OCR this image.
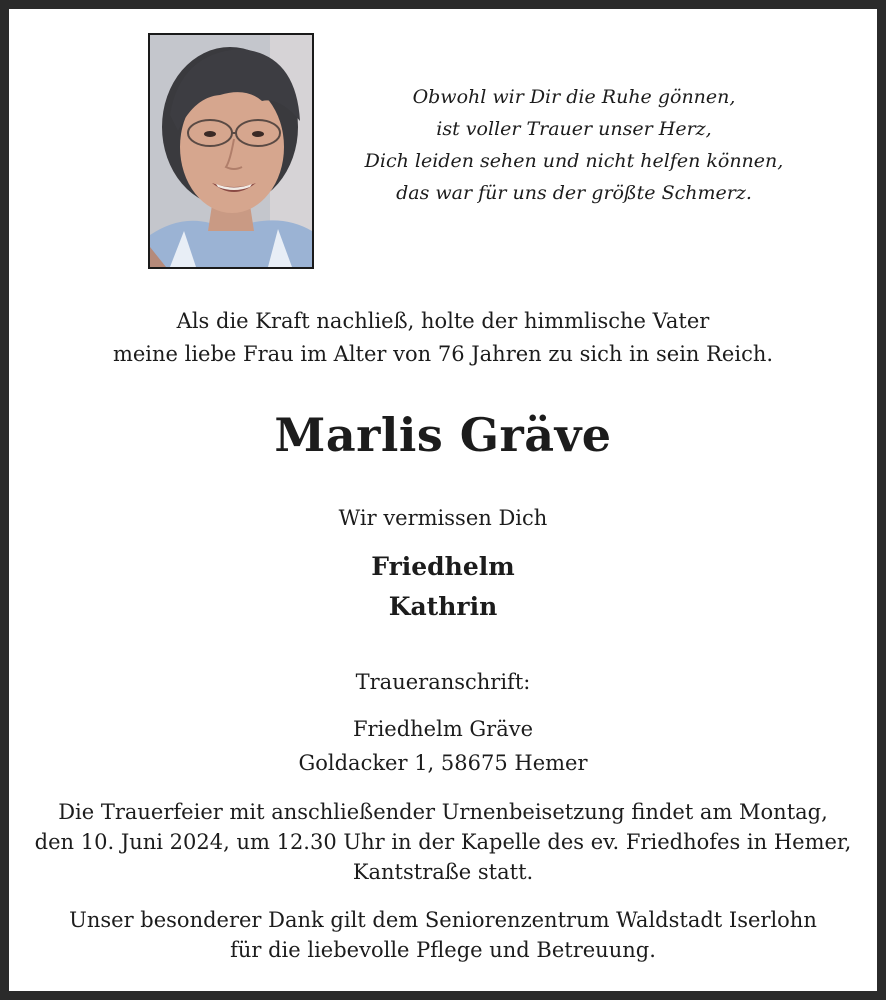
Obwohl wir Dir die Ruhe gönnen,
ist voller Trauer unser Herz,
Dich leiden sehen und nicht helfen können,
das war für uns der größte Schmerz.
Als die Kraft nachließ, holte der himmlische Vater
meine liebe Frau im Alter von 76 Jahren zu sich in sein Reich.
Marlis Gräve
Wir vermissen Dich
Friedhelm
Kathrin
Traueranschrift:
Friedhelm Gräve
Goldacker 1, 58675 Hemer
Die Trauerfeier mit anschließender Urnenbeisetzung findet am Montag,
den 10. Juni 2024, um 12.30 Uhr in der Kapelle des ev. Friedhofes in Hemer,
Kantstraße statt.
Unser besonderer Dank gilt dem Seniorenzentrum Waldstadt Iserlohn
für die liebevolle Pflege und Betreuung.
